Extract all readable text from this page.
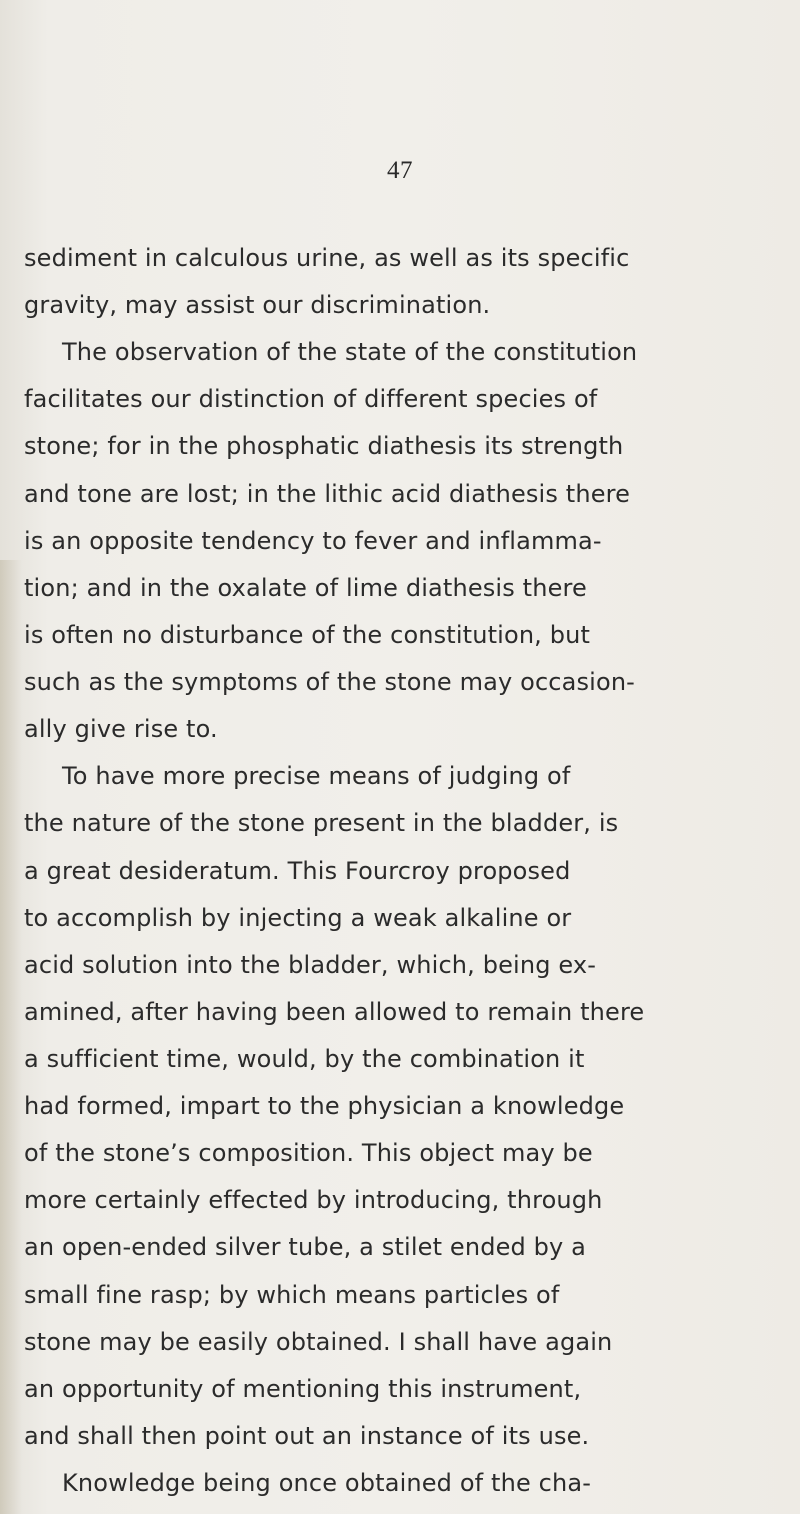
47
sediment in calculous urine, as well as its specific
gravity, may assist our discrimination.
The observation of the state of the constitution
facilitates our distinction of different species of
stone; for in the phosphatic diathesis its strength
and tone are lost; in the lithic acid diathesis there
is an opposite tendency to fever and inflamma-
tion; and in the oxalate of lime diathesis there
is often no disturbance of the constitution, but
such as the symptoms of the stone may occasion-
ally give rise to.
To have more precise means of judging of
the nature of the stone present in the bladder, is
a great desideratum. This Fourcroy proposed
to accomplish by injecting a weak alkaline or
acid solution into the bladder, which, being ex-
amined, after having been allowed to remain there
a sufficient time, would, by the combination it
had formed, impart to the physician a knowledge
of the stone’s composition. This object may be
more certainly effected by introducing, through
an open-ended silver tube, a stilet ended by a
small fine rasp; by which means particles of
stone may be easily obtained. I shall have again
an opportunity of mentioning this instrument,
and shall then point out an instance of its use.
Knowledge being once obtained of the cha-
